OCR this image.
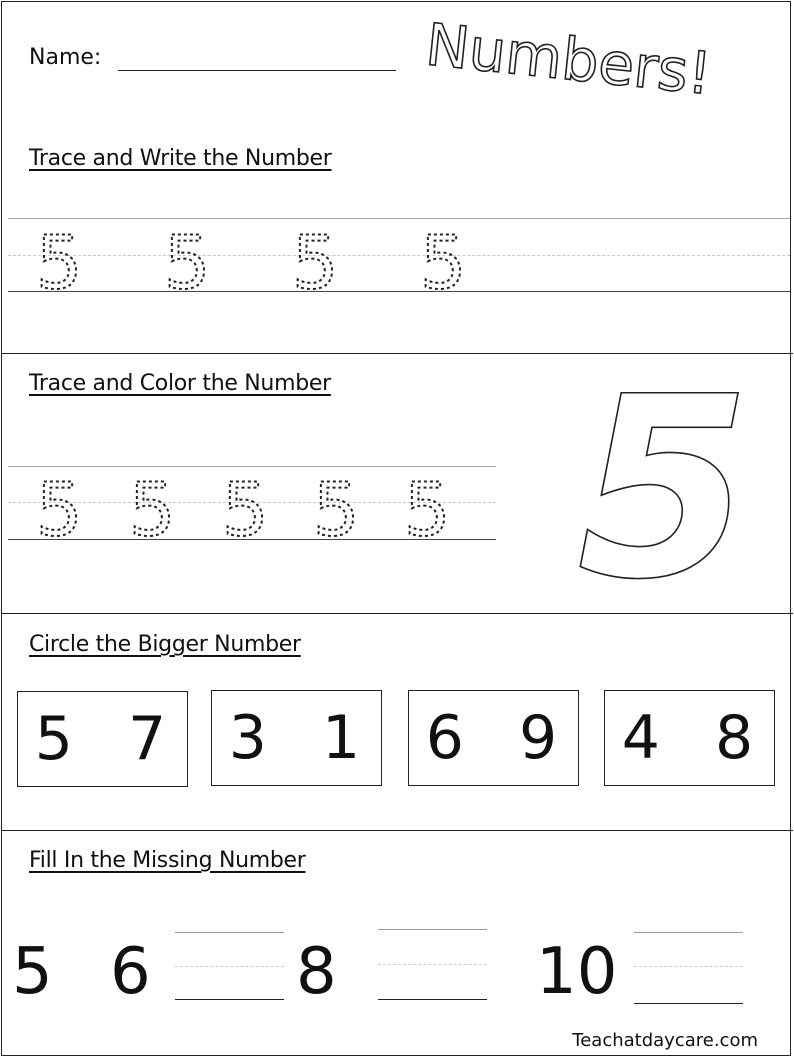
Name:	Numbers!
Trace and Write the Number
5 5 5 5
Trace and Color the Number
5 5 5 5 5 5
Circle the Bigger Number
5 7 3 1 6 9 4 8
Fill In the Missing Number
5 6 8	10
Teachatdaycare.com
